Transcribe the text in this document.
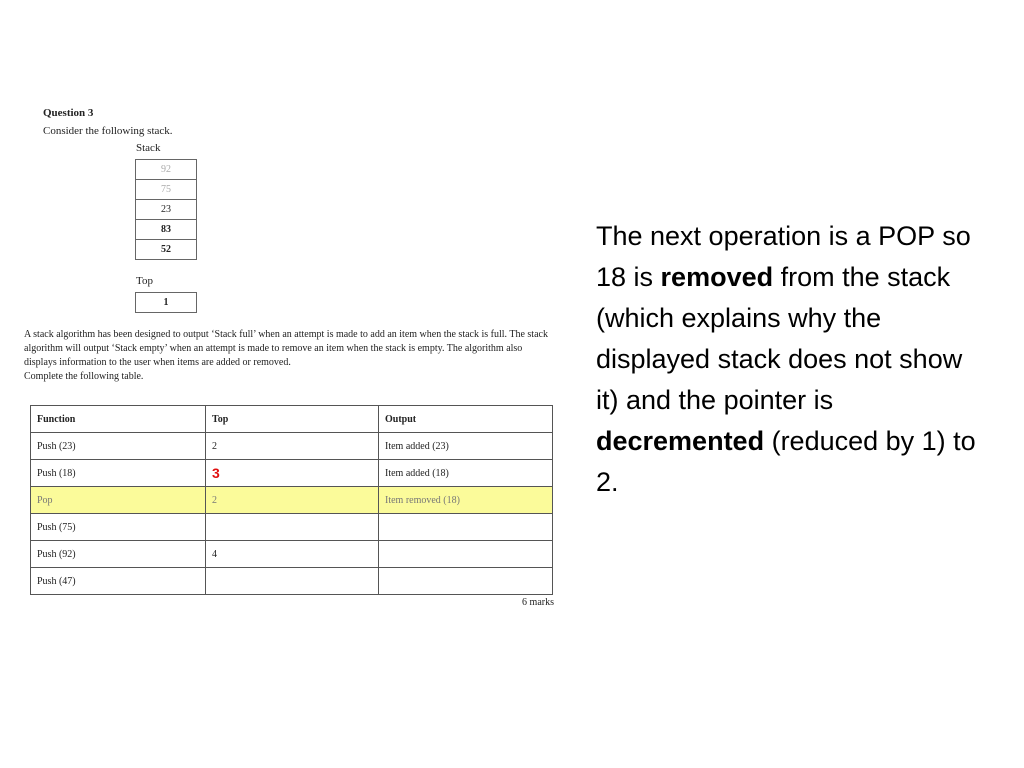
Question 3
Consider the following stack.
Stack
92
75
23
83
52
Top
1
A stack algorithm has been designed to output ‘Stack full’ when an attempt is made to add an item when the stack is full. The stack algorithm will output ‘Stack empty’ when an attempt is made to remove an item when the stack is empty. The algorithm also displays information to the user when items are added or removed.
Complete the following table.
Function	Top	Output
Push (23)	2	Item added (23)
Push (18)	3	Item added (18)
Pop	2	Item removed (18)
Push (75)		
Push (92)	4	
Push (47)		
6 marks
The next operation is a POP so 18 is removed from the stack (which explains why the displayed stack does not show it) and the pointer is decremented (reduced by 1) to 2.
